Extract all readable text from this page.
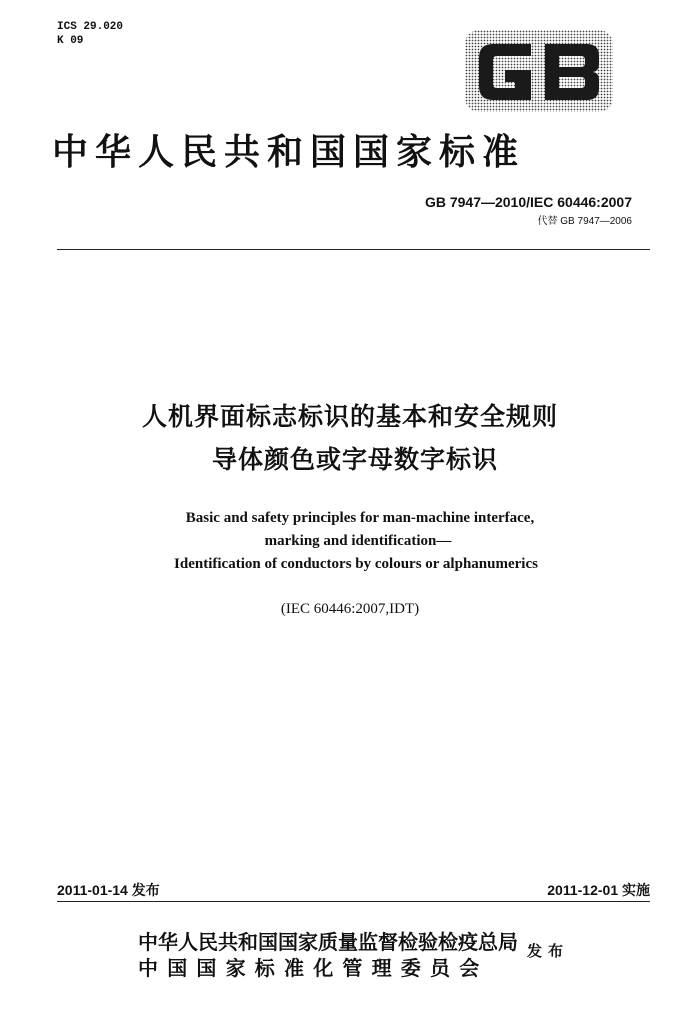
ICS 29.020
K 09
中华人民共和国国家标准
GB 7947—2010/IEC 60446:2007
代替 GB 7947—2006
人机界面标志标识的基本和安全规则
导体颜色或字母数字标识
Basic and safety principles for man-machine interface,
marking and identification—
Identification of conductors by colours or alphanumerics
(IEC 60446:2007,IDT)
2011-01-14 发布	2011-12-01 实施
中华人民共和国国家质量监督检验检疫总局
中国国家标准化管理委员会
发布
